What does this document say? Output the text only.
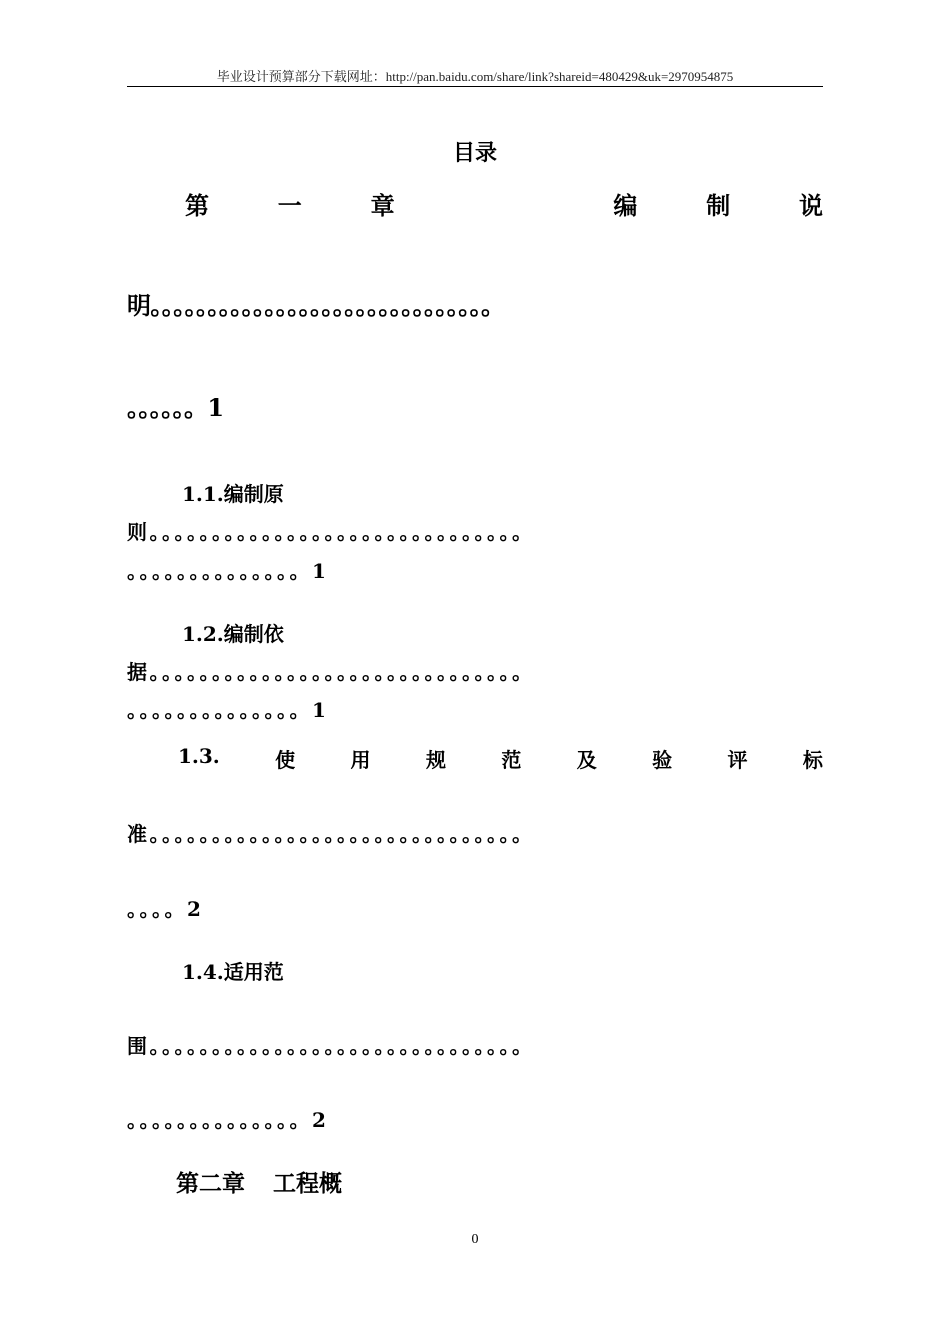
毕业设计预算部分下载网址：http://pan.baidu.com/share/link?shareid=480429&uk=2970954875
目录
第	一	章	编	制	说
明。。。。。。。。。。。。。。。。。。。。。。。。。。。。。。
。。。。。。1
1.1.编制原
则。。。。。。。。。。。。。。。。。。。。。。。。。。。。。。
。。。。。。。。。。。。。。1
1.2.编制依
据。。。。。。。。。。。。。。。。。。。。。。。。。。。。。。
。。。。。。。。。。。。。。1
1.3.	使	用	规	范	及	验	评	标
准。。。。。。。。。。。。。。。。。。。。。。。。。。。。。。
。。。。2
1.4.适用范
围。。。。。。。。。。。。。。。。。。。。。。。。。。。。。。
。。。。。。。。。。。。。。2
第二章 工程概
0
